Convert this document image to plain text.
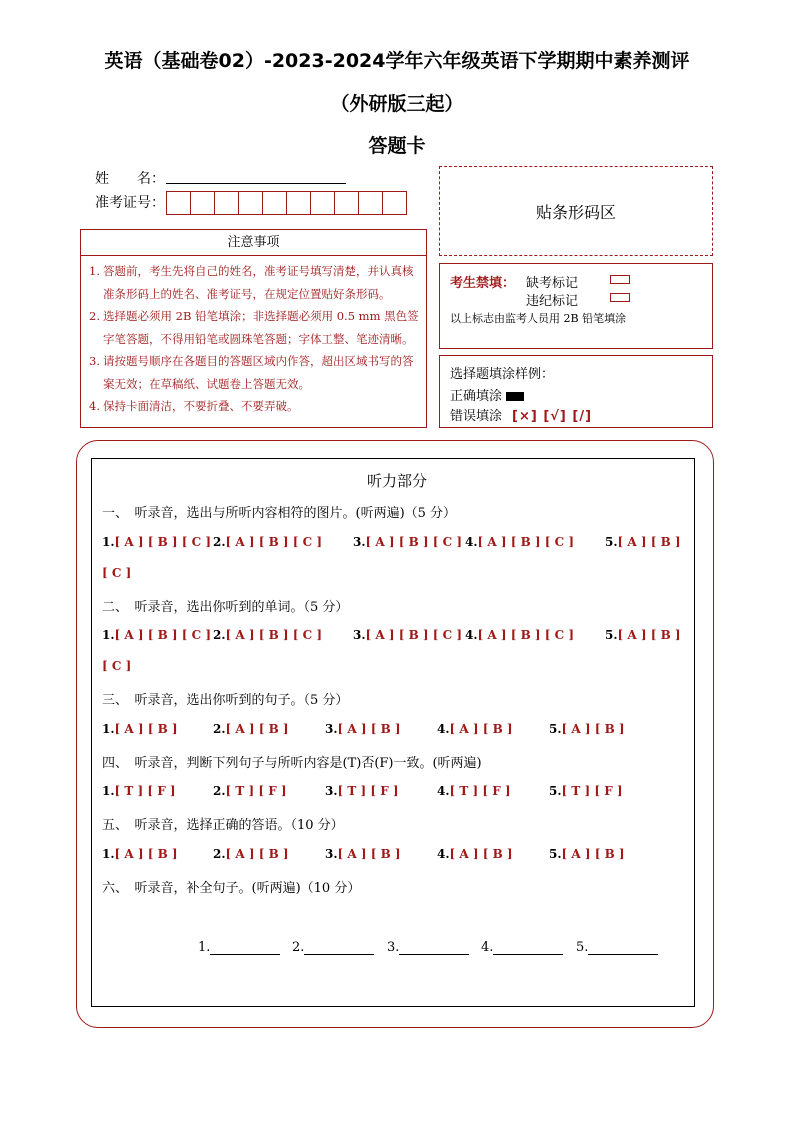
英语（基础卷02）-2023-2024学年六年级英语下学期期中素养测评
（外研版三起）
答题卡
姓　　名：
准考证号：	贴条形码区
注意事项
1. 答题前，考生先将自己的姓名，准考证号填写清楚，并认真核准条形码上的姓名、准考证号，在规定位置贴好条形码。
2. 选择题必须用 2B 铅笔填涂；非选择题必须用 0.5 mm 黑色签字笔答题，不得用铅笔或圆珠笔答题；字体工整、笔迹清晰。
3. 请按题号顺序在各题目的答题区域内作答，超出区域书写的答案无效；在草稿纸、试题卷上答题无效。
4. 保持卡面清洁，不要折叠、不要弄破。
考生禁填： 缺考标记
违纪标记
以上标志由监考人员用 2B 铅笔填涂
选择题填涂样例：
正确填涂
错误填涂 [×] [√] [/]
听力部分
一、　听录音，选出与所听内容相符的图片。(听两遍)（5 分）
1.[ A ] [ B ] [ C ] 2.[ A ] [ B ] [ C ]	3.[ A ] [ B ] [ C ] 4.[ A ] [ B ] [ C ]	5.[ A ] [ B ]
[ C ]
二、　听录音，选出你听到的单词。（5 分）
1.[ A ] [ B ] [ C ] 2.[ A ] [ B ] [ C ]	3.[ A ] [ B ] [ C ] 4.[ A ] [ B ] [ C ]	5.[ A ] [ B ]
[ C ]
三、　听录音，选出你听到的句子。（5 分）
1.[ A ] [ B ]	2.[ A ] [ B ]	3.[ A ] [ B ]	4.[ A ] [ B ]	5.[ A ] [ B ]
四、　听录音，判断下列句子与所听内容是(T)否(F)一致。(听两遍)
1.[ T ] [ F ]	2.[ T ] [ F ]	3.[ T ] [ F ]	4.[ T ] [ F ]	5.[ T ] [ F ]
五、　听录音，选择正确的答语。（10 分）
1.[ A ] [ B ]	2.[ A ] [ B ]	3.[ A ] [ B ]	4.[ A ] [ B ]	5.[ A ] [ B ]
六、　听录音，补全句子。(听两遍)（10 分）
1.	2.	3.	4.	5.
